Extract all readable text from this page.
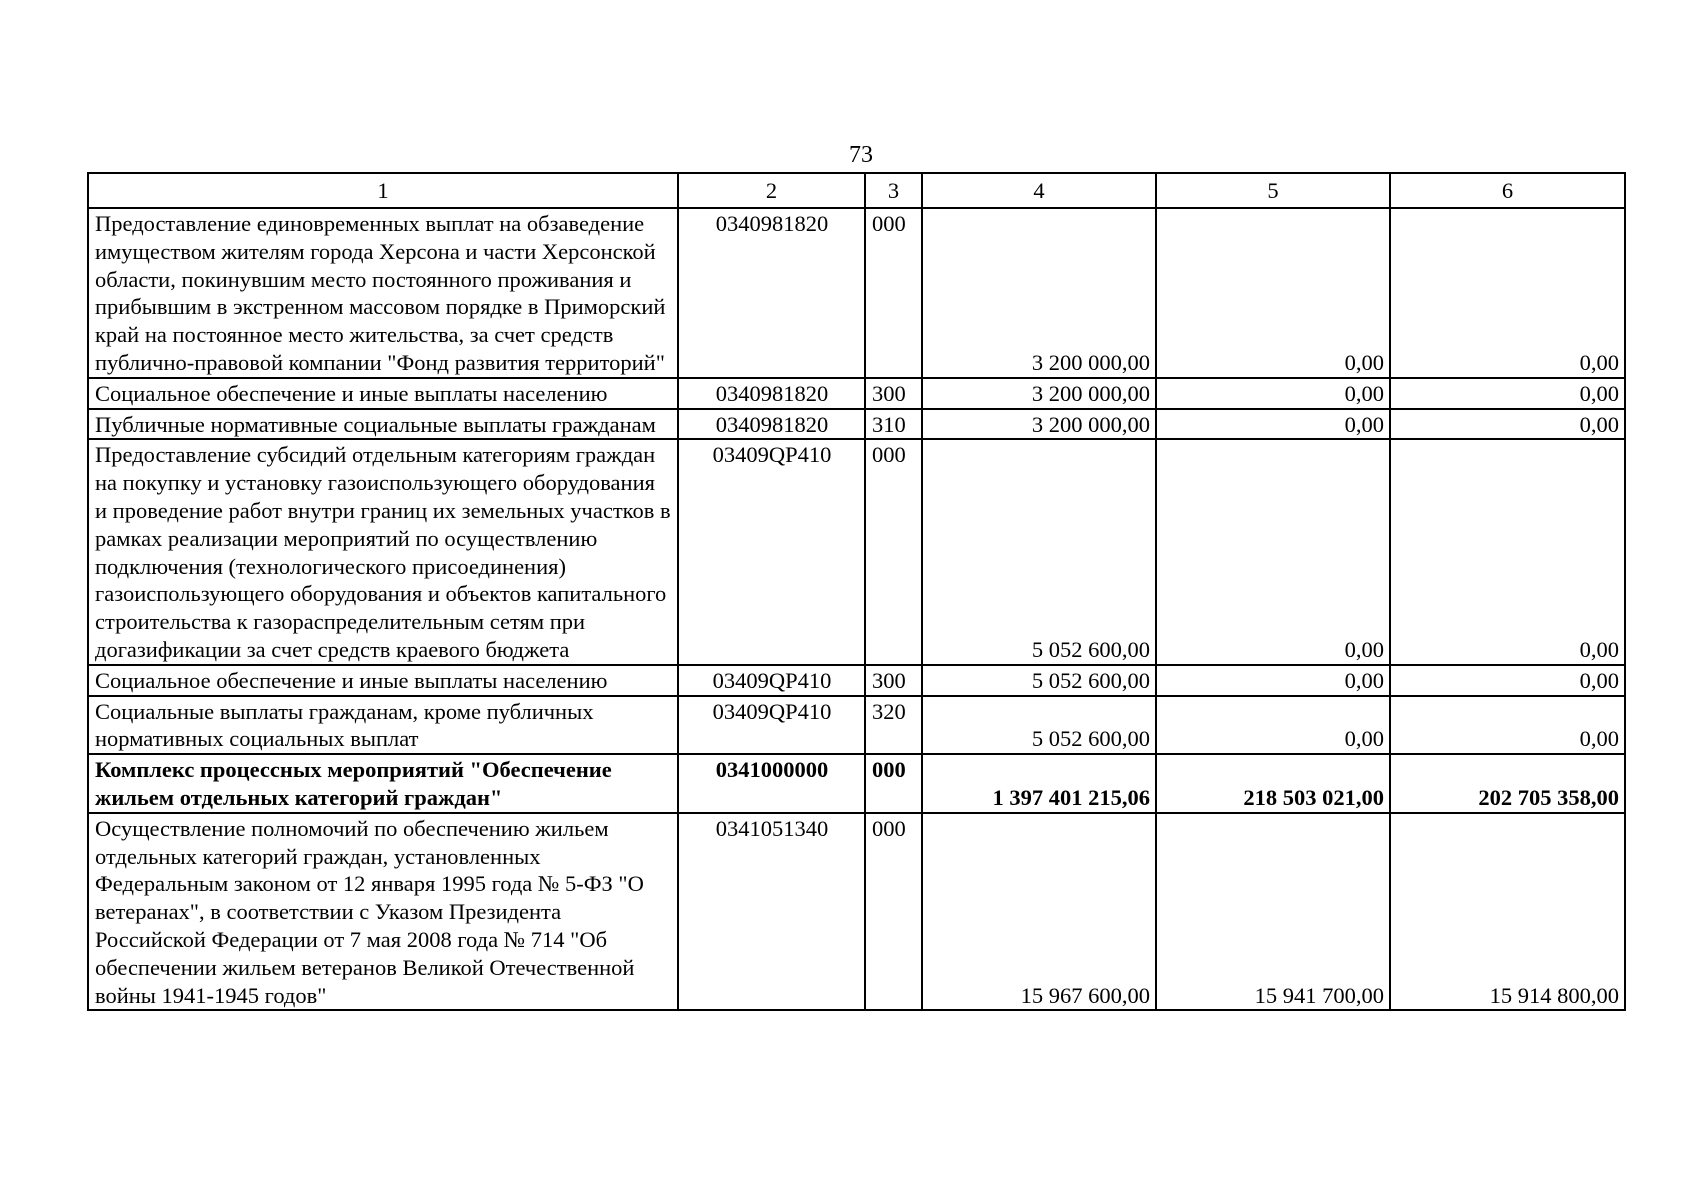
73
1	2	3	4	5	6
Предоставление единовременных выплат на обзаведение имуществом жителям города Херсона и части Херсонской области, покинувшим место постоянного проживания и прибывшим в экстренном массовом порядке в Приморский край на постоянное место жительства, за счет средств публично-правовой компании "Фонд развития территорий"	0340981820	000	3 200 000,00	0,00	0,00
Социальное обеспечение и иные выплаты населению	0340981820	300	3 200 000,00	0,00	0,00
Публичные нормативные социальные выплаты гражданам	0340981820	310	3 200 000,00	0,00	0,00
Предоставление субсидий отдельным категориям граждан на покупку и установку газоиспользующего оборудования и проведение работ внутри границ их земельных участков в рамках реализации мероприятий по осуществлению подключения (технологического присоединения) газоиспользующего оборудования и объектов капитального строительства к газораспределительным сетям при догазификации за счет средств краевого бюджета	03409QP410	000	5 052 600,00	0,00	0,00
Социальное обеспечение и иные выплаты населению	03409QP410	300	5 052 600,00	0,00	0,00
Социальные выплаты гражданам, кроме публичных нормативных социальных выплат	03409QP410	320	5 052 600,00	0,00	0,00
Комплекс процессных мероприятий "Обеспечение жильем отдельных категорий граждан"	0341000000	000	1 397 401 215,06	218 503 021,00	202 705 358,00
Осуществление полномочий по обеспечению жильем отдельных категорий граждан, установленных Федеральным законом от 12 января 1995 года № 5-ФЗ "О ветеранах", в соответствии с Указом Президента Российской Федерации от 7 мая 2008 года № 714 "Об обеспечении жильем ветеранов Великой Отечественной войны 1941-1945 годов"	0341051340	000	15 967 600,00	15 941 700,00	15 914 800,00
